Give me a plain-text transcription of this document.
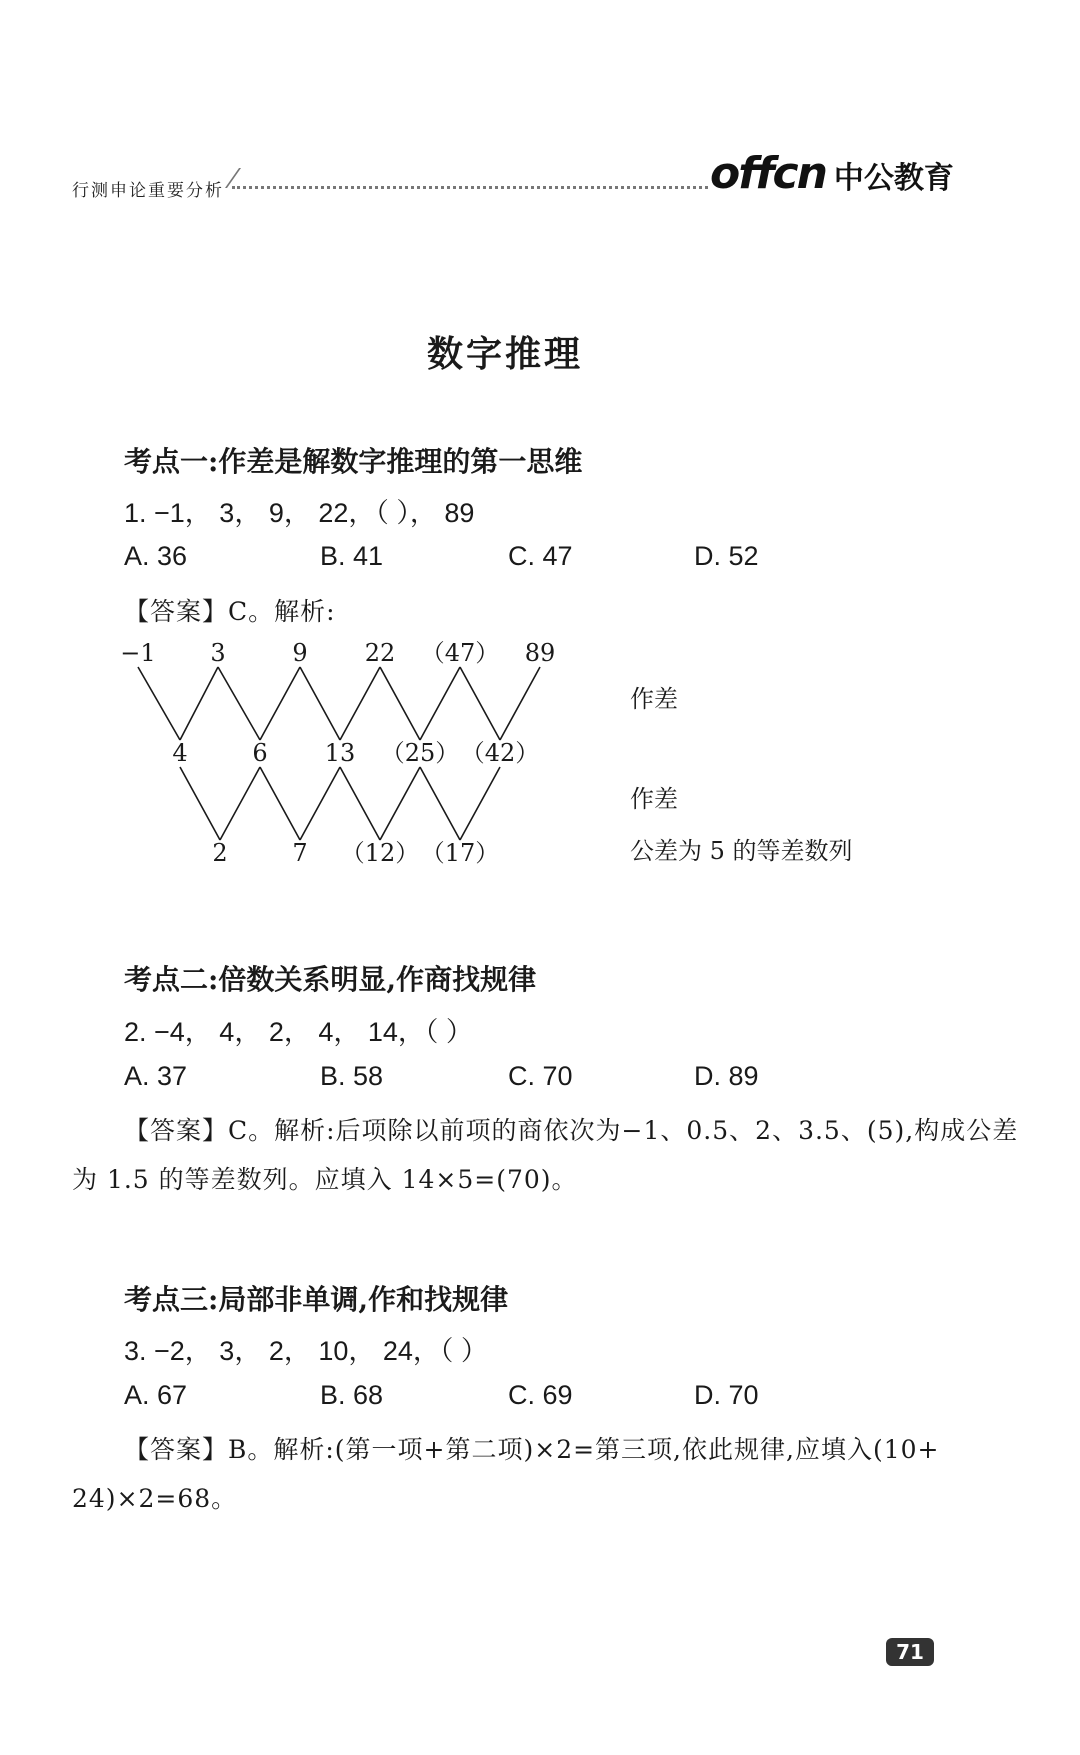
行测申论重要分析	offcn 中公教育
数字推理
考点一:作差是解数字推理的第一思维
1. −1， 3， 9， 22，（ ）， 89
A. 36	B. 41	C. 47	D. 52
【答案】C。解析:
−1 3	9 22 （47） 89
4	6 13 （25） （42）
2	7 （12） （17）
作差
作差
公差为 5 的等差数列
考点二:倍数关系明显,作商找规律
2. −4， 4， 2， 4， 14，（ ）
A. 37	B. 58	C. 70	D. 89
【答案】C。解析:后项除以前项的商依次为−1、0.5、2、3.5、(5),构成公差
为 1.5 的等差数列。应填入 14×5=(70)。
考点三:局部非单调,作和找规律
3. −2， 3， 2， 10， 24，（ ）
A. 67	B. 68	C. 69	D. 70
【答案】B。解析:(第一项+第二项)×2=第三项,依此规律,应填入(10+
24)×2=68。
71
